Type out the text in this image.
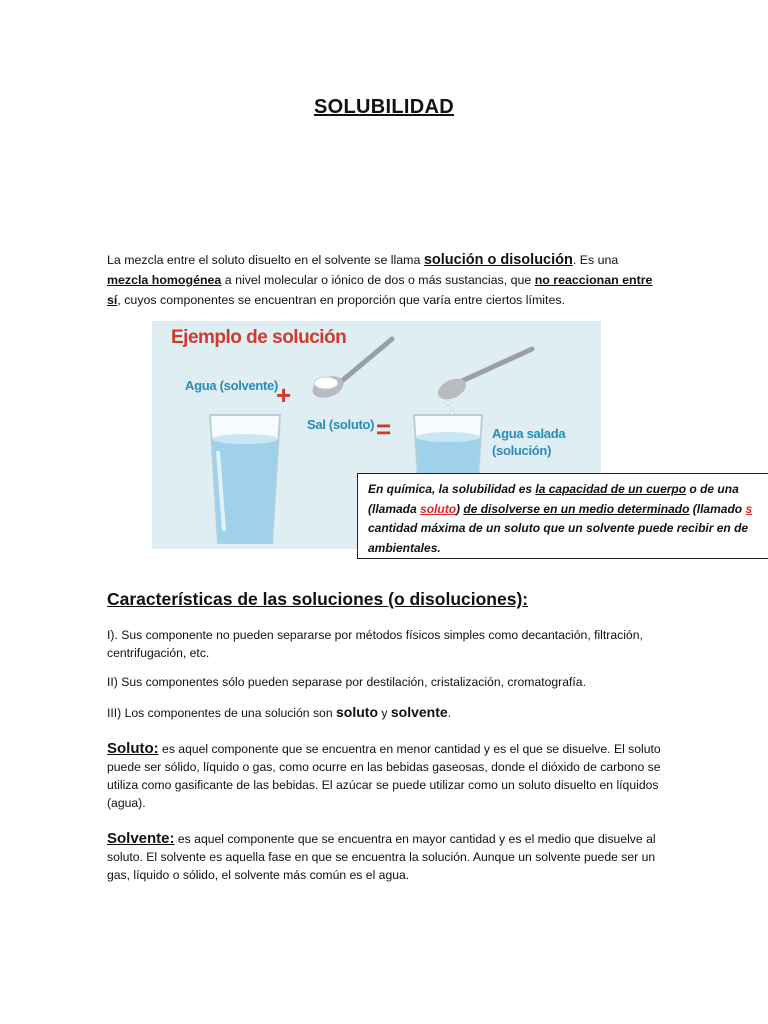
SOLUBILIDAD
La mezcla entre el soluto disuelto en el solvente se llama solución o disolución. Es una mezcla homogénea a nivel molecular o iónico de dos o más sustancias, que no reaccionan entre sí, cuyos componentes se encuentran en proporción que varía entre ciertos límites.
Ejemplo de solución
Agua (solvente)
+
Sal (soluto) =	Agua salada
(solución)
En química, la solubilidad es la capacidad de un cuerpo o de una
(llamada soluto) de disolverse en un medio determinado (llamado s
cantidad máxima de un soluto que un solvente puede recibir en de
ambientales.
Características de las soluciones (o disoluciones):
I). Sus componente no pueden separarse por métodos físicos simples como decantación, filtración, centrifugación, etc.
II) Sus componentes sólo pueden separase por destilación, cristalización, cromatografía.
III) Los componentes de una solución son soluto y solvente.
Soluto: es aquel componente que se encuentra en menor cantidad y es el que se disuelve. El soluto puede ser sólido, líquido o gas, como ocurre en las bebidas gaseosas, donde el dióxido de carbono se utiliza como gasificante de las bebidas. El azúcar se puede utilizar como un soluto disuelto en líquidos (agua).
Solvente: es aquel componente que se encuentra en mayor cantidad y es el medio que disuelve al soluto. El solvente es aquella fase en que se encuentra la solución. Aunque un solvente puede ser un gas, líquido o sólido, el solvente más común es el agua.
